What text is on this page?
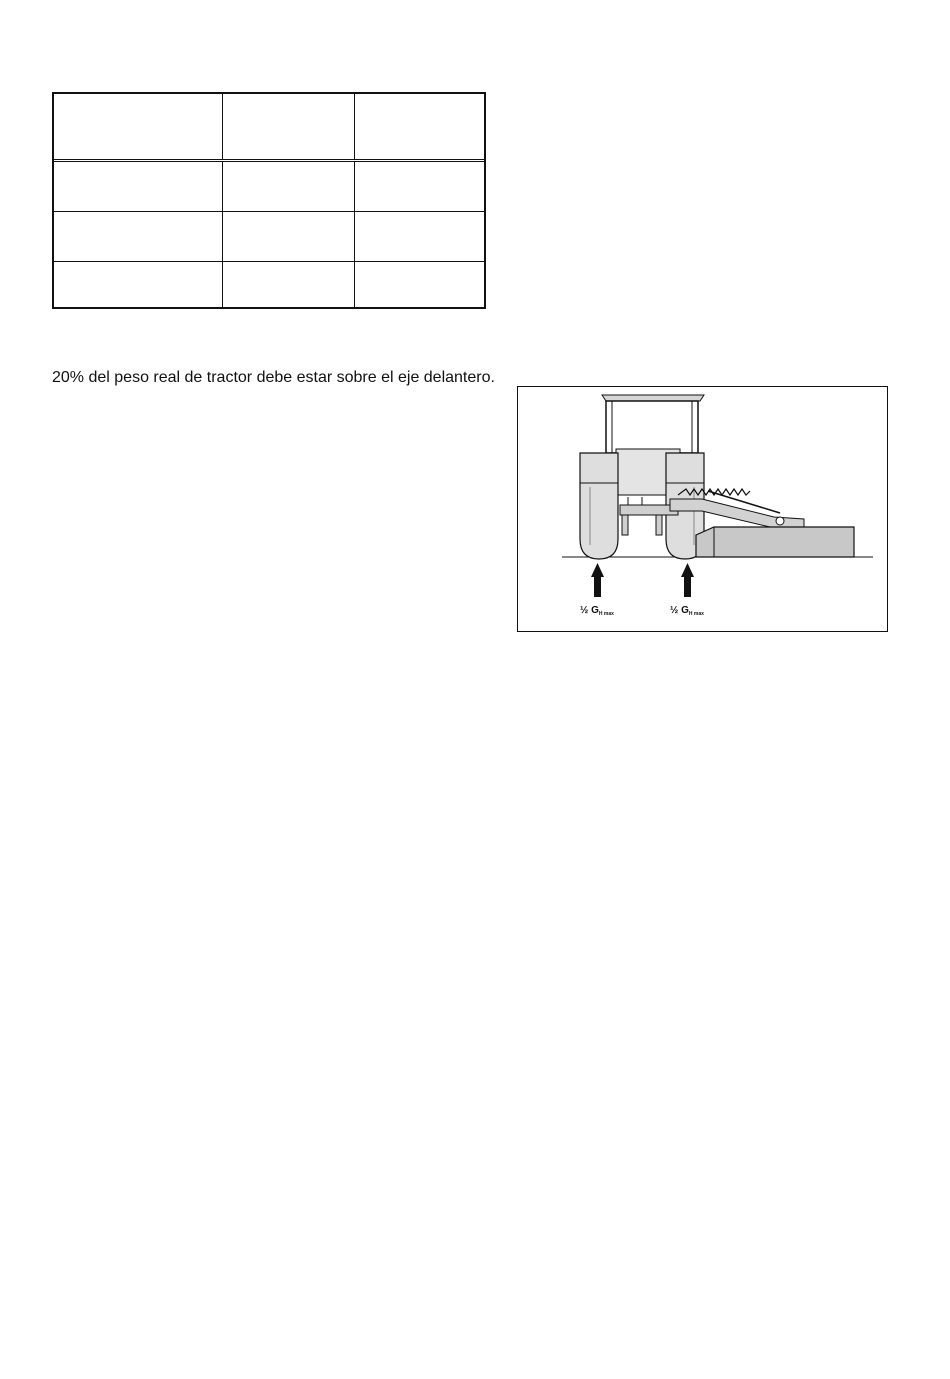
20% del peso real de tractor debe estar sobre el eje delantero.
½ $G_{H max}$	½ $G_{H max}$
